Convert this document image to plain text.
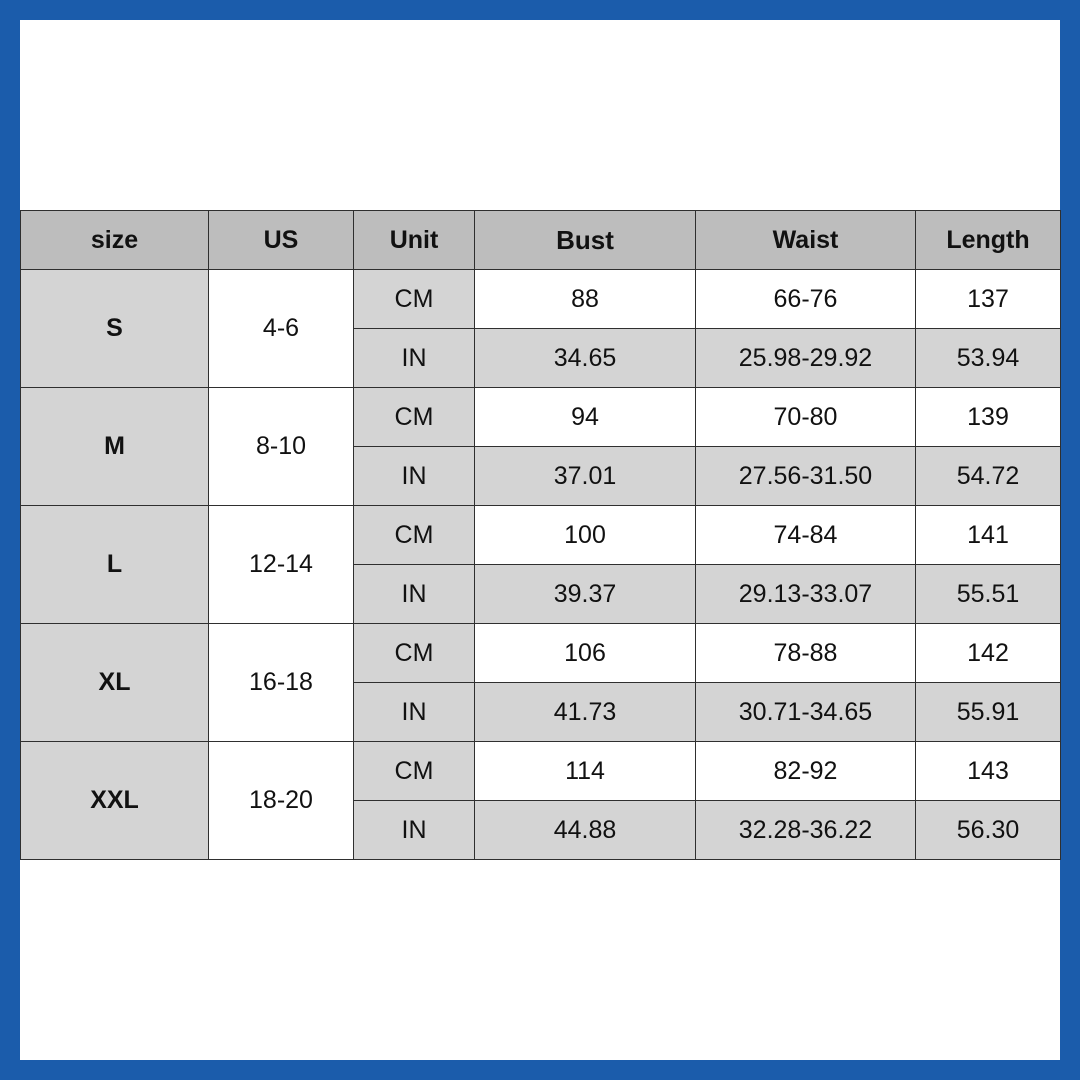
size	US	Unit	Bust	Waist	Length
S	4-6	CM	88	66-76	137
		IN	34.65	25.98-29.92	53.94
M	8-10	CM	94	70-80	139
		IN	37.01	27.56-31.50	54.72
L	12-14	CM	100	74-84	141
		IN	39.37	29.13-33.07	55.51
XL	16-18	CM	106	78-88	142
		IN	41.73	30.71-34.65	55.91
XXL	18-20	CM	114	82-92	143
		IN	44.88	32.28-36.22	56.30
